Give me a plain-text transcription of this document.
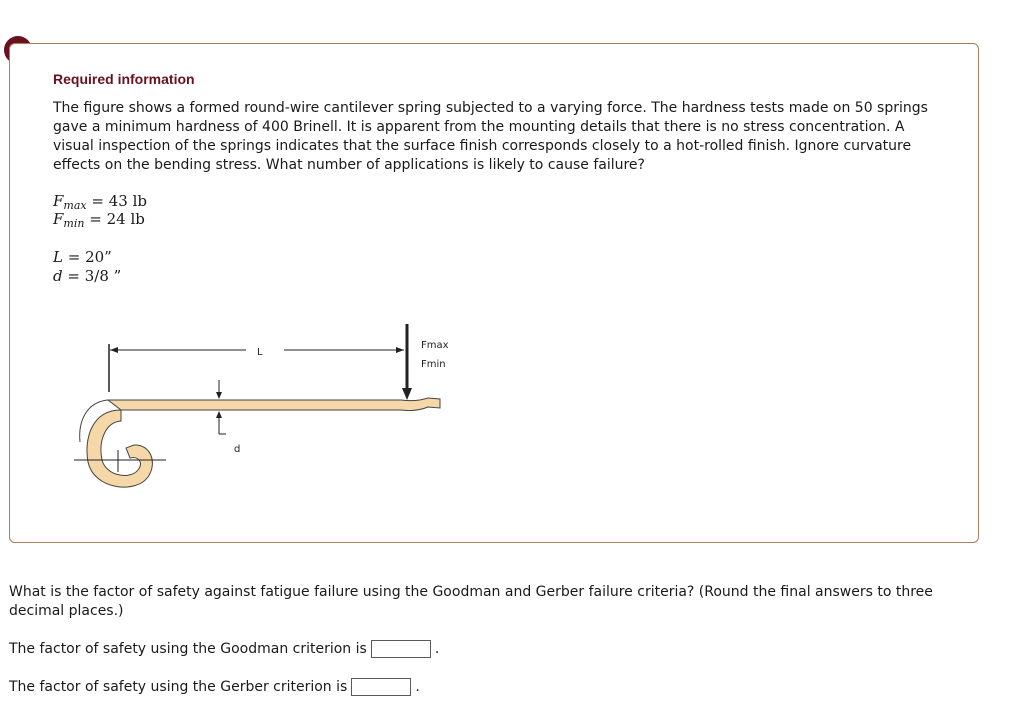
Required information
The figure shows a formed round-wire cantilever spring subjected to a varying force. The hardness tests made on 50 springs gave a minimum hardness of 400 Brinell. It is apparent from the mounting details that there is no stress concentration. A visual inspection of the springs indicates that the surface finish corresponds closely to a hot-rolled finish. Ignore curvature effects on the bending stress. What number of applications is likely to cause failure?
$F_{max} = 43$ lb
$F_{min} = 24$ lb
L = 20”
d = 3/8 ”
L
Fmax
Fmin
d
What is the factor of safety against fatigue failure using the Goodman and Gerber failure criteria? (Round the final answers to three decimal places.)
The factor of safety using the Goodman criterion is	.
The factor of safety using the Gerber criterion is	.
